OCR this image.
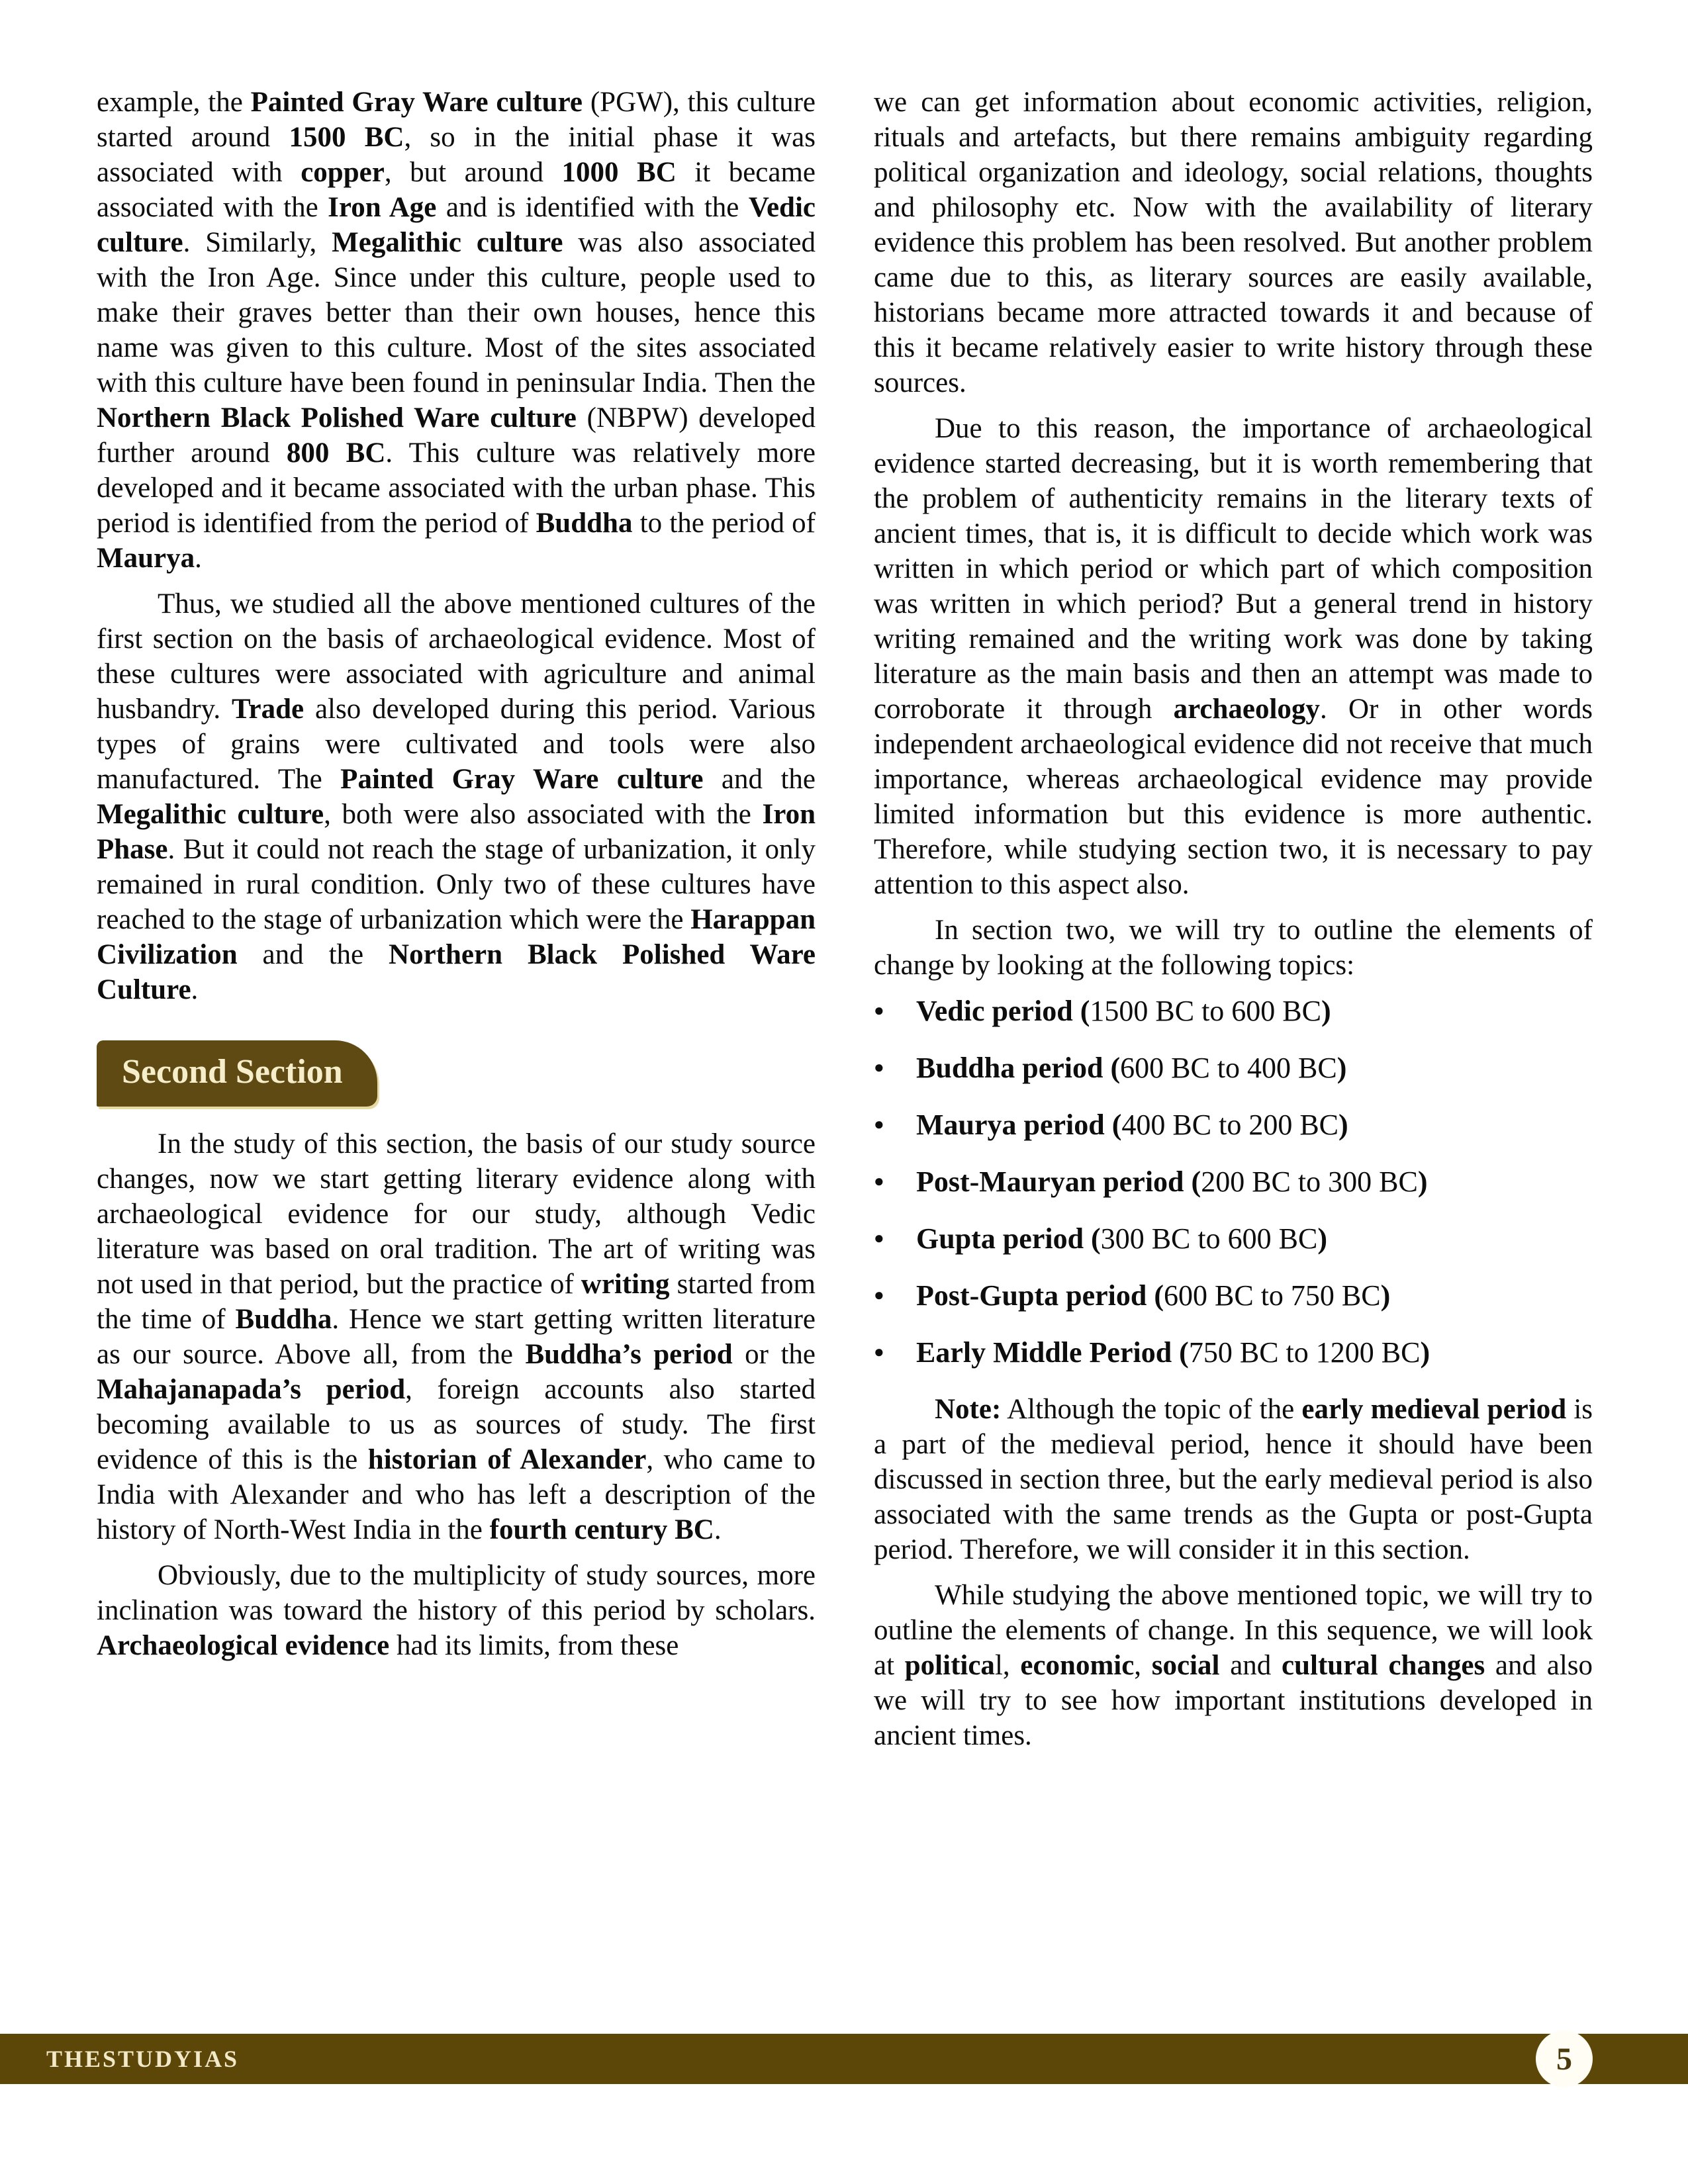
example, the Painted Gray Ware culture (PGW), this culture started around 1500 BC, so in the initial phase it was associated with copper, but around 1000 BC it became associated with the Iron Age and is identified with the Vedic culture. Similarly, Megalithic culture was also associated with the Iron Age. Since under this culture, people used to make their graves better than their own houses, hence this name was given to this culture. Most of the sites associated with this culture have been found in peninsular India. Then the Northern Black Polished Ware culture (NBPW) developed further around 800 BC. This culture was relatively more developed and it became associated with the urban phase. This period is identified from the period of Buddha to the period of Maurya.

Thus, we studied all the above mentioned cultures of the first section on the basis of archaeological evidence. Most of these cultures were associated with agriculture and animal husbandry. Trade also developed during this period. Various types of grains were cultivated and tools were also manufactured. The Painted Gray Ware culture and the Megalithic culture, both were also associated with the Iron Phase. But it could not reach the stage of urbanization, it only remained in rural condition. Only two of these cultures have reached to the stage of urbanization which were the Harappan Civilization and the Northern Black Polished Ware Culture.

Second Section

In the study of this section, the basis of our study source changes, now we start getting literary evidence along with archaeological evidence for our study, although Vedic literature was based on oral tradition. The art of writing was not used in that period, but the practice of writing started from the time of Buddha. Hence we start getting written literature as our source. Above all, from the Buddha’s period or the Mahajanapada’s period, foreign accounts also started becoming available to us as sources of study. The first evidence of this is the historian of Alexander, who came to India with Alexander and who has left a description of the history of North-West India in the fourth century BC.

Obviously, due to the multiplicity of study sources, more inclination was toward the history of this period by scholars. Archaeological evidence had its limits, from these

we can get information about economic activities, religion, rituals and artefacts, but there remains ambiguity regarding political organization and ideology, social relations, thoughts and philosophy etc. Now with the availability of literary evidence this problem has been resolved. But another problem came due to this, as literary sources are easily available, historians became more attracted towards it and because of this it became relatively easier to write history through these sources.

Due to this reason, the importance of archaeological evidence started decreasing, but it is worth remembering that the problem of authenticity remains in the literary texts of ancient times, that is, it is difficult to decide which work was written in which period or which part of which composition was written in which period? But a general trend in history writing remained and the writing work was done by taking literature as the main basis and then an attempt was made to corroborate it through archaeology. Or in other words independent archaeological evidence did not receive that much importance, whereas archaeological evidence may provide limited information but this evidence is more authentic. Therefore, while studying section two, it is necessary to pay attention to this aspect also.

In section two, we will try to outline the elements of change by looking at the following topics:

●	Vedic period (1500 BC to 600 BC)
●	Buddha period (600 BC to 400 BC)
●	Maurya period (400 BC to 200 BC)
●	Post-Mauryan period (200 BC to 300 BC)
●	Gupta period (300 BC to 600 BC)
●	Post-Gupta period (600 BC to 750 BC)
●	Early Middle Period (750 BC to 1200 BC)

Note: Although the topic of the early medieval period is a part of the medieval period, hence it should have been discussed in section three, but the early medieval period is also associated with the same trends as the Gupta or post-Gupta period. Therefore, we will consider it in this section.

While studying the above mentioned topic, we will try to outline the elements of change. In this sequence, we will look at political, economic, social and cultural changes and also we will try to see how important institutions developed in ancient times.

THESTUDYIAS	5
